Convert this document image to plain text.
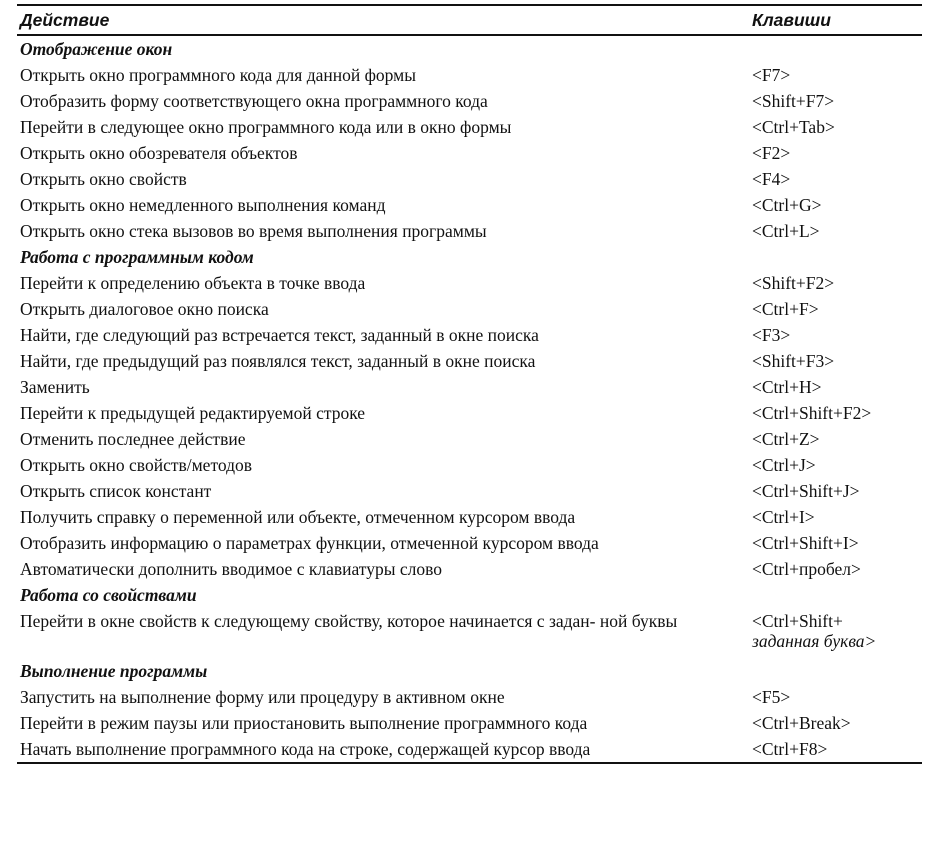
Действие	Клавиши
Отображение окон	
Открыть окно программного кода для данной формы	<F7>

Отобразить форму соответствующего окна программного кода	<Shift+F7>

Перейти в следующее окно программного кода или в окно формы	<Ctrl+Tab>

Открыть окно обозревателя объектов	<F2>

Открыть окно свойств	<F4>

Открыть окно немедленного выполнения команд	<Ctrl+G>

Открыть окно стека вызовов во время выполнения программы	<Ctrl+L>

Работа с программным кодом	
Перейти к определению объекта в точке ввода	<Shift+F2>

Открыть диалоговое окно поиска	<Ctrl+F>

Найти, где следующий раз встречается текст, заданный в окне поиска	<F3>

Найти, где предыдущий раз появлялся текст, заданный в окне поиска	<Shift+F3>

Заменить	<Ctrl+H>

Перейти к предыдущей редактируемой строке	<Ctrl+Shift+F2>

Отменить последнее действие	<Ctrl+Z>

Открыть окно свойств/методов	<Ctrl+J>

Открыть список констант	<Ctrl+Shift+J>

Получить справку о переменной или объекте, отмеченном курсором ввода	<Ctrl+I>

Отобразить информацию о параметрах функции, отмеченной курсором ввода	<Ctrl+Shift+I>

Автоматически дополнить вводимое с клавиатуры слово	<Ctrl+пробел>

Работа со свойствами	
Перейти в окне свойств к следующему свойству, которое начинается с задан- ной буквы	<Ctrl+Shift+
заданная буква>

Выполнение программы	
Запустить на выполнение форму или процедуру в активном окне	<F5>

Перейти в режим паузы или приостановить выполнение программного кода	<Ctrl+Break>

Начать выполнение программного кода на строке, содержащей курсор ввода	<Ctrl+F8>
